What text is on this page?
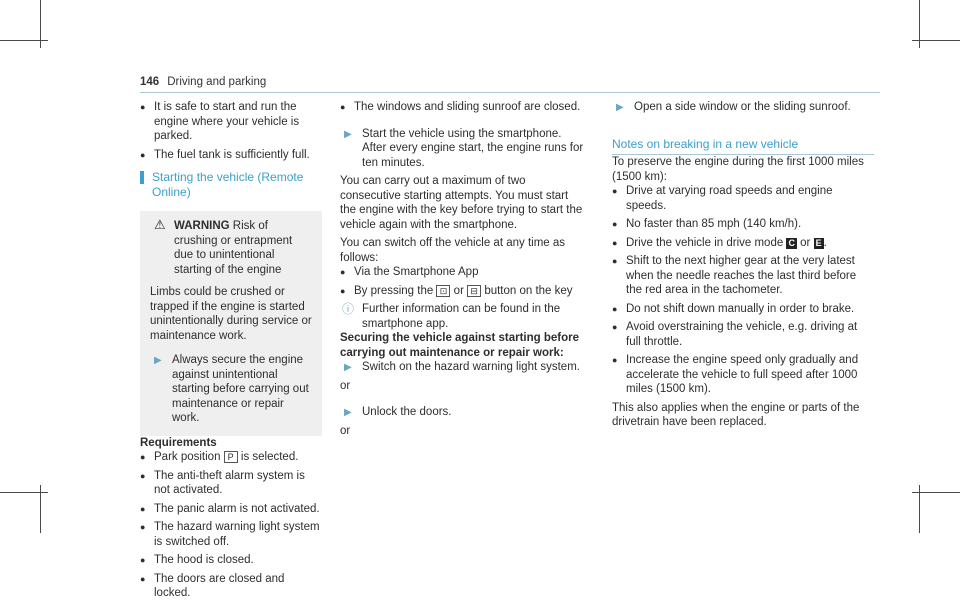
146 Driving and parking
● It is safe to start and run the engine where your vehicle is parked.
● The fuel tank is sufficiently full.
Starting the vehicle (Remote Online)
⚠ WARNING Risk of crushing or entrapment due to unintentional starting of the engine

Limbs could be crushed or trapped if the engine is started unintentionally during service or maintenance work.

▶ Always secure the engine against unintentional starting before carrying out maintenance or repair work.

Requirements

● Park position P is selected.
● The anti-theft alarm system is not activated.
● The panic alarm is not activated.
● The hazard warning light system is switched off.
● The hood is closed.
● The doors are closed and locked.
● The windows and sliding sunroof are closed.
▶ Start the vehicle using the smartphone.
After every engine start, the engine runs for ten minutes.

You can carry out a maximum of two consecutive starting attempts. You must start the engine with the key before trying to start the vehicle again with the smartphone.

You can switch off the vehicle at any time as follows:

● Via the Smartphone App
● By pressing the ⊡ or ⊟ button on the key
ⓘ Further information can be found in the smartphone app.

Securing the vehicle against starting before carrying out maintenance or repair work:

▶ Switch on the hazard warning light system.

or

▶ Unlock the doors.

or

▶ Open a side window or the sliding sunroof.
Notes on breaking in a new vehicle

To preserve the engine during the first 1000 miles (1500 km):

● Drive at varying road speeds and engine speeds.
● No faster than 85 mph (140 km/h).
● Drive the vehicle in drive mode C or E .
● Shift to the next higher gear at the very latest when the needle reaches the last third before the red area in the tachometer.
● Do not shift down manually in order to brake.
● Avoid overstraining the vehicle, e.g. driving at full throttle.
● Increase the engine speed only gradually and accelerate the vehicle to full speed after 1000 miles (1500 km).

This also applies when the engine or parts of the drivetrain have been replaced.
